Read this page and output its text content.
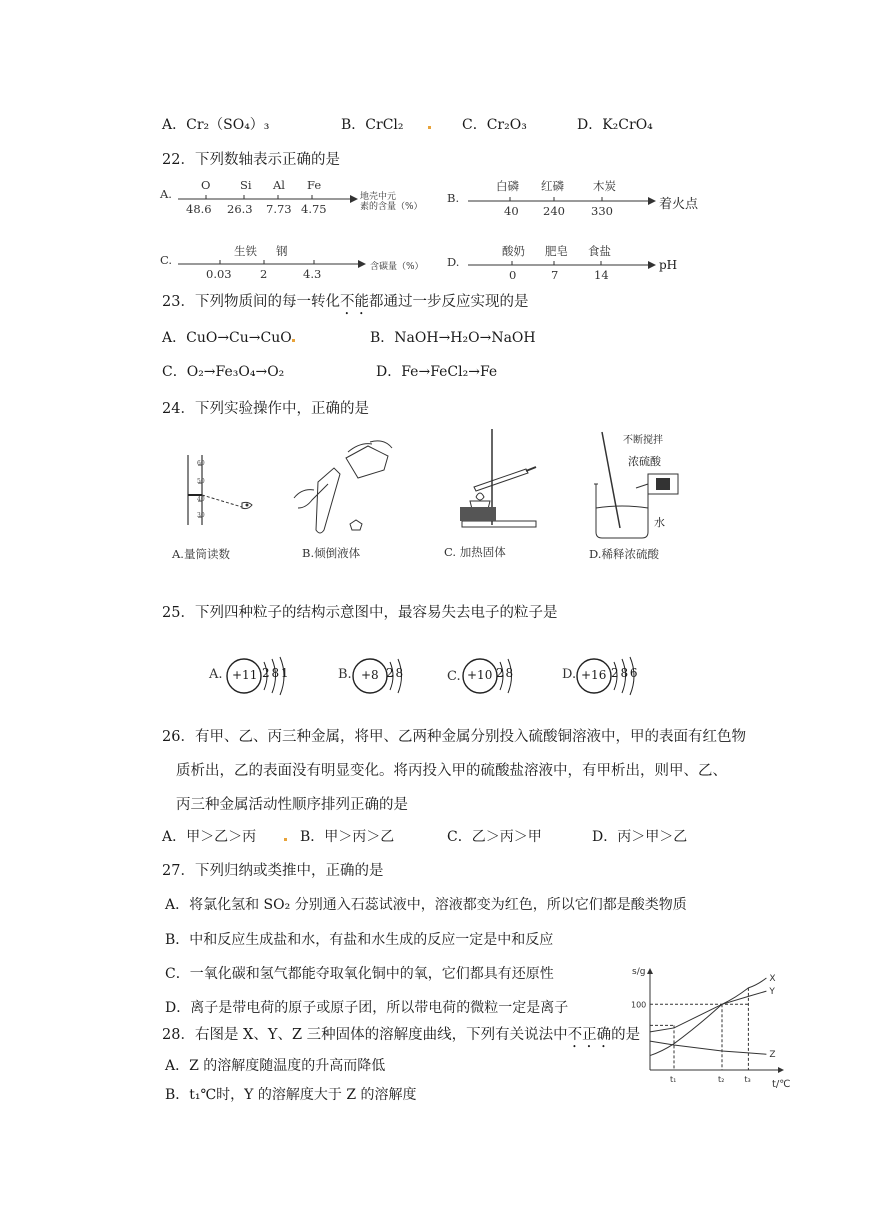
A．Cr₂（SO₄）₃	B．CrCl₂	C．Cr₂O₃	D．K₂CrO₄
22．下列数轴表示正确的是
A.
O	Si Al Fe
48.6 26.3 7.73 4.75
地壳中元
素的含量（%）
B.
白磷 红磷	木炭
40 240 330	着火点
C.
生铁 钢
0.03 2	4.3	含碳量（%） D.
酸奶 肥皂 食盐
0	7	14
pH
23．下列物质间的每一转化不能都通过一步反应实现的是
A．CuO→Cu→CuO	B．NaOH→H₂O→NaOH
C．O₂→Fe₃O₄→O₂	D．Fe→FeCl₂→Fe
24．下列实验操作中，正确的是
60
50
40
30
A.量筒读数	B.倾倒液体	C. 加热固体
不断搅拌
浓硫酸
水
D.稀释浓硫酸
25．下列四种粒子的结构示意图中，最容易失去电子的粒子是
A. +11 2 8 1	B. +8 2 8	C. +10 2 8	D. +16 2 8 6
26．有甲、乙、丙三种金属，将甲、乙两种金属分别投入硫酸铜溶液中，甲的表面有红色物
质析出，乙的表面没有明显变化。将丙投入甲的硫酸盐溶液中，有甲析出，则甲、乙、
丙三种金属活动性顺序排列正确的是
A．甲＞乙＞丙	B．甲＞丙＞乙	C．乙＞丙＞甲	D．丙＞甲＞乙
27．下列归纳或类推中，正确的是
A．将氯化氢和 SO₂ 分别通入石蕊试液中，溶液都变为红色，所以它们都是酸类物质
B．中和反应生成盐和水，有盐和水生成的反应一定是中和反应
C．一氧化碳和氢气都能夺取氧化铜中的氧，它们都具有还原性
D．离子是带电荷的原子或原子团，所以带电荷的微粒一定是离子
28．右图是 X、Y、Z 三种固体的溶解度曲线，下列有关说法中不正确的是
A．Z 的溶解度随温度的升高而降低
B．t₁℃时，Y 的溶解度大于 Z 的溶解度
s/g
t/℃
100
t₁	t₂	t₃
X
Y
Z
